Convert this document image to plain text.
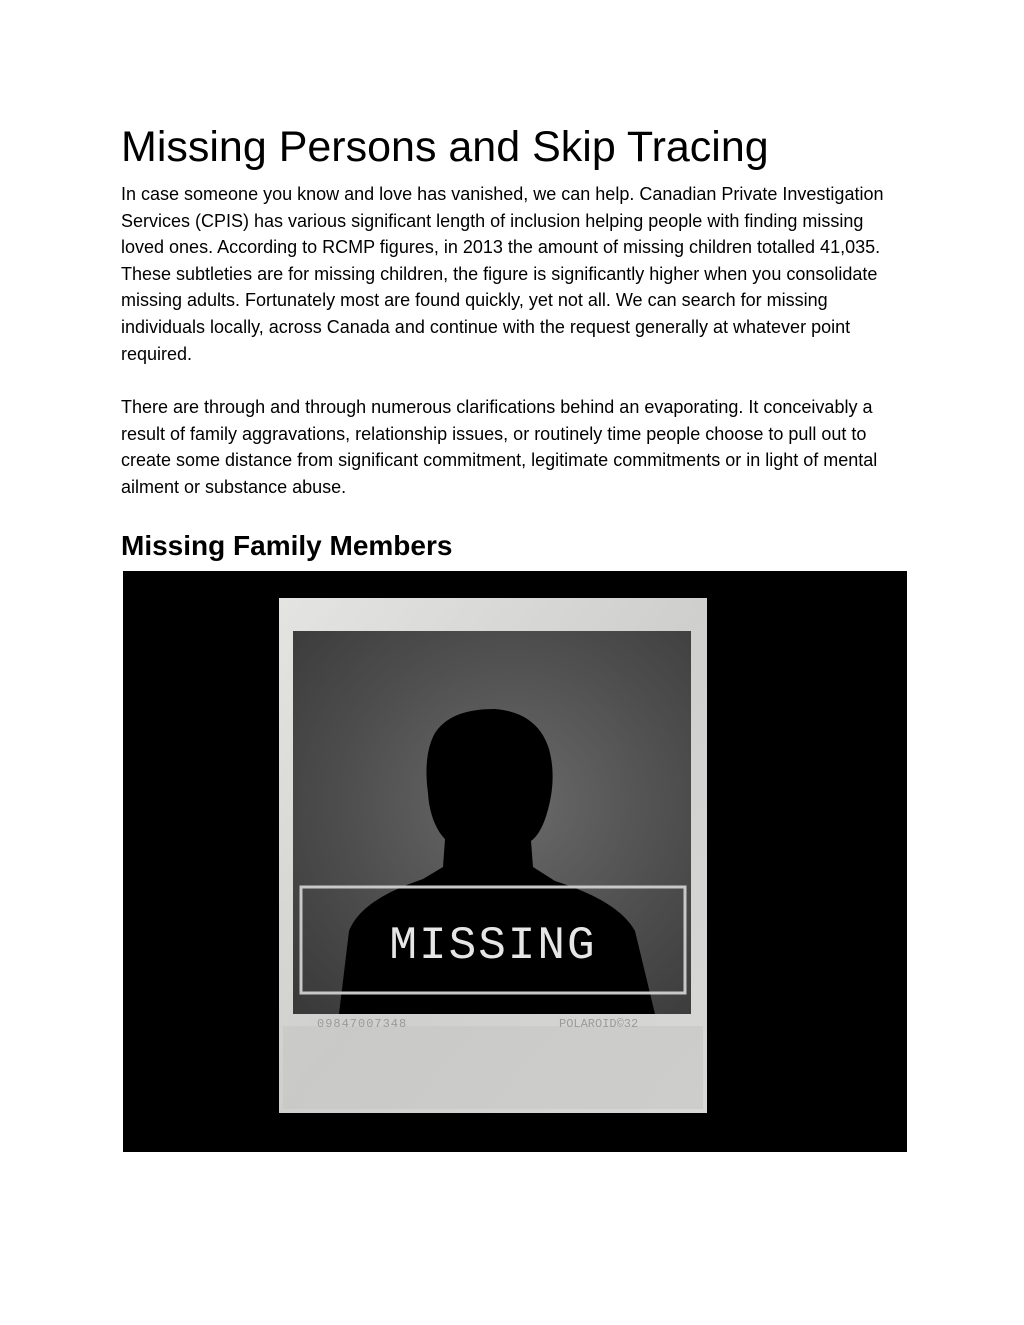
Missing Persons and Skip Tracing

In case someone you know and love has vanished, we can help. Canadian Private Investigation Services (CPIS) has various significant length of inclusion helping people with finding missing loved ones. According to RCMP figures, in 2013 the amount of missing children totalled 41,035. These subtleties are for missing children, the figure is significantly higher when you consolidate missing adults. Fortunately most are found quickly, yet not all. We can search for missing individuals locally, across Canada and continue with the request generally at whatever point required.

There are through and through numerous clarifications behind an evaporating. It conceivably a result of family aggravations, relationship issues, or routinely time people choose to pull out to create some distance from significant commitment, legitimate commitments or in light of mental ailment or substance abuse.

Missing Family Members
MISSING
09847007348	POLAROID©32
